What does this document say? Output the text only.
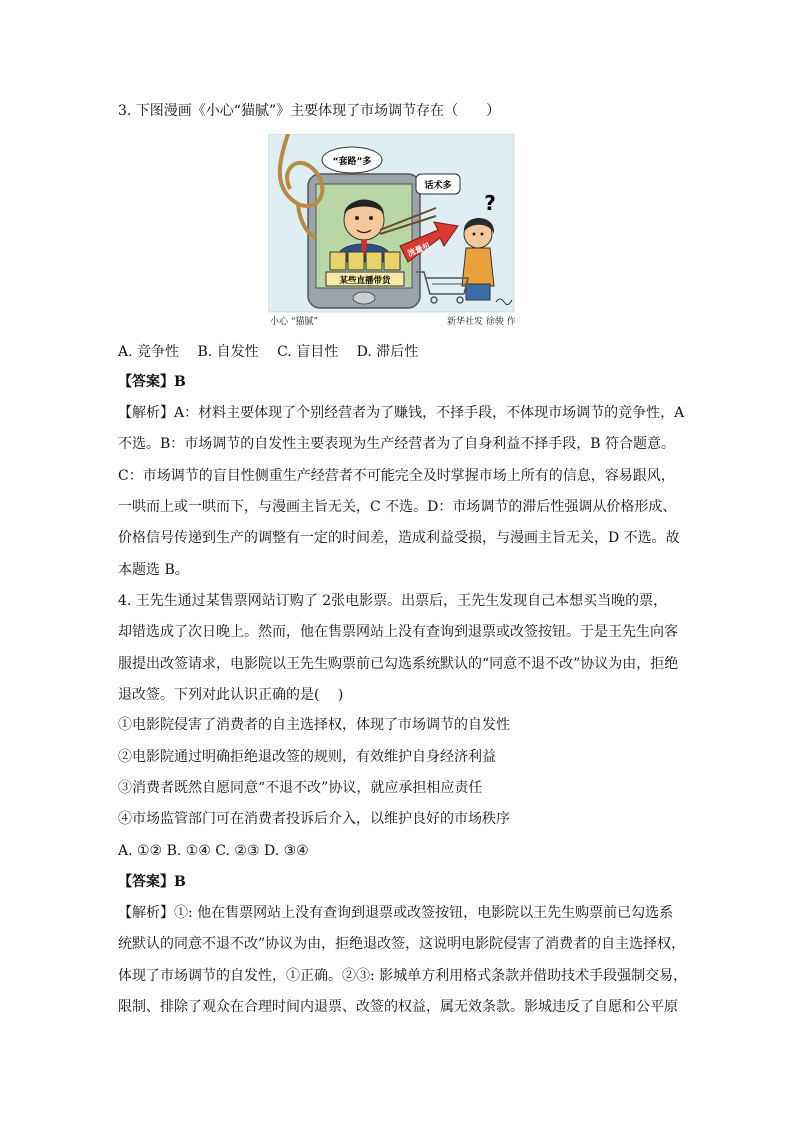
3. 下图漫画《小心“猫腻”》主要体现了市场调节存在（　　）
“套路”多
某些直播带货
话术多
流量机
?
小心 “猫腻”	新华社发 徐骏 作
A. 竞争性　 B. 自发性　 C. 盲目性　 D. 滞后性
【答案】B
【解析】A：材料主要体现了个别经营者为了赚钱，不择手段，不体现市场调节的竞争性，A
不选。B：市场调节的自发性主要表现为生产经营者为了自身利益不择手段，B 符合题意。
C：市场调节的盲目性侧重生产经营者不可能完全及时掌握市场上所有的信息，容易跟风，
一哄而上或一哄而下，与漫画主旨无关，C 不选。D：市场调节的滞后性强调从价格形成、
价格信号传递到生产的调整有一定的时间差，造成利益受损，与漫画主旨无关，D 不选。故
本题选 B。
4. 王先生通过某售票网站订购了 2张电影票。出票后，王先生发现自己本想买当晚的票，
却错选成了次日晚上。然而，他在售票网站上没有查询到退票或改签按钮。于是王先生向客
服提出改签请求，电影院以王先生购票前已勾选系统默认的“同意不退不改”协议为由，拒绝
退改签。下列对此认识正确的是(　 )
①电影院侵害了消费者的自主选择权，体现了市场调节的自发性
②电影院通过明确拒绝退改签的规则，有效维护自身经济利益
③消费者既然自愿同意“不退不改”协议，就应承担相应责任
④市场监管部门可在消费者投诉后介入，以维护良好的市场秩序
A. ①② B. ①④ C. ②③ D. ③④
【答案】B
【解析】①: 他在售票网站上没有查询到退票或改签按钮，电影院以王先生购票前已勾选系
统默认的同意不退不改”协议为由，拒绝退改签，这说明电影院侵害了消费者的自主选择权，
体现了市场调节的自发性，①正确。②③: 影城单方利用格式条款并借助技术手段强制交易，
限制、排除了观众在合理时间内退票、改签的权益，属无效条款。影城违反了自愿和公平原
